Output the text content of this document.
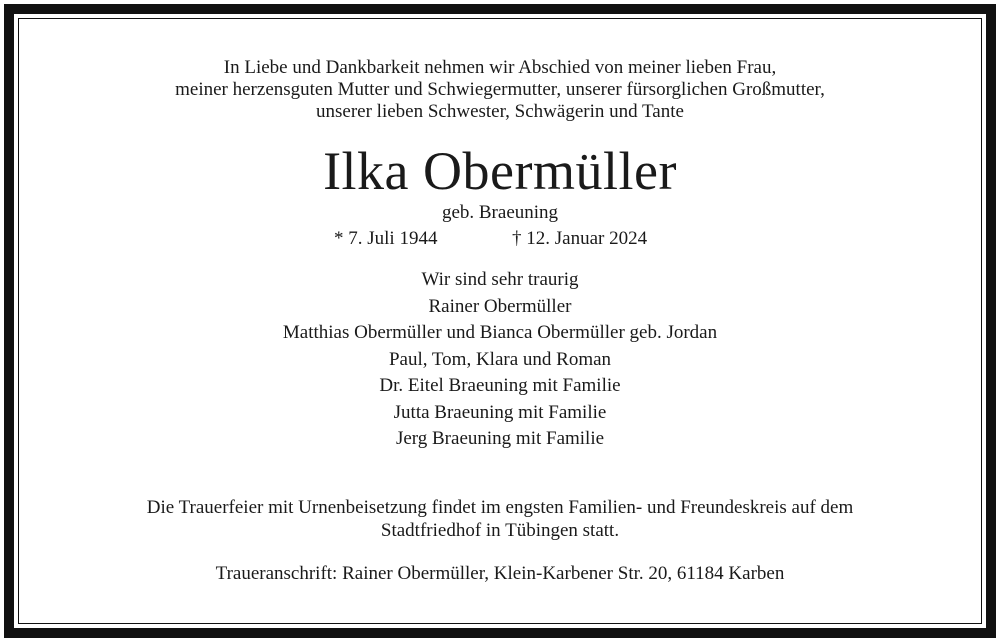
In Liebe und Dankbarkeit nehmen wir Abschied von meiner lieben Frau,
meiner herzensguten Mutter und Schwiegermutter, unserer fürsorglichen Großmutter,
unserer lieben Schwester, Schwägerin und Tante
Ilka Obermüller
geb. Braeuning
* 7. Juli 1944	† 12. Januar 2024
Wir sind sehr traurig
Rainer Obermüller
Matthias Obermüller und Bianca Obermüller geb. Jordan
Paul, Tom, Klara und Roman
Dr. Eitel Braeuning mit Familie
Jutta Braeuning mit Familie
Jerg Braeuning mit Familie
Die Trauerfeier mit Urnenbeisetzung findet im engsten Familien- und Freundeskreis auf dem
Stadtfriedhof in Tübingen statt.
Traueranschrift: Rainer Obermüller, Klein-Karbener Str. 20, 61184 Karben
